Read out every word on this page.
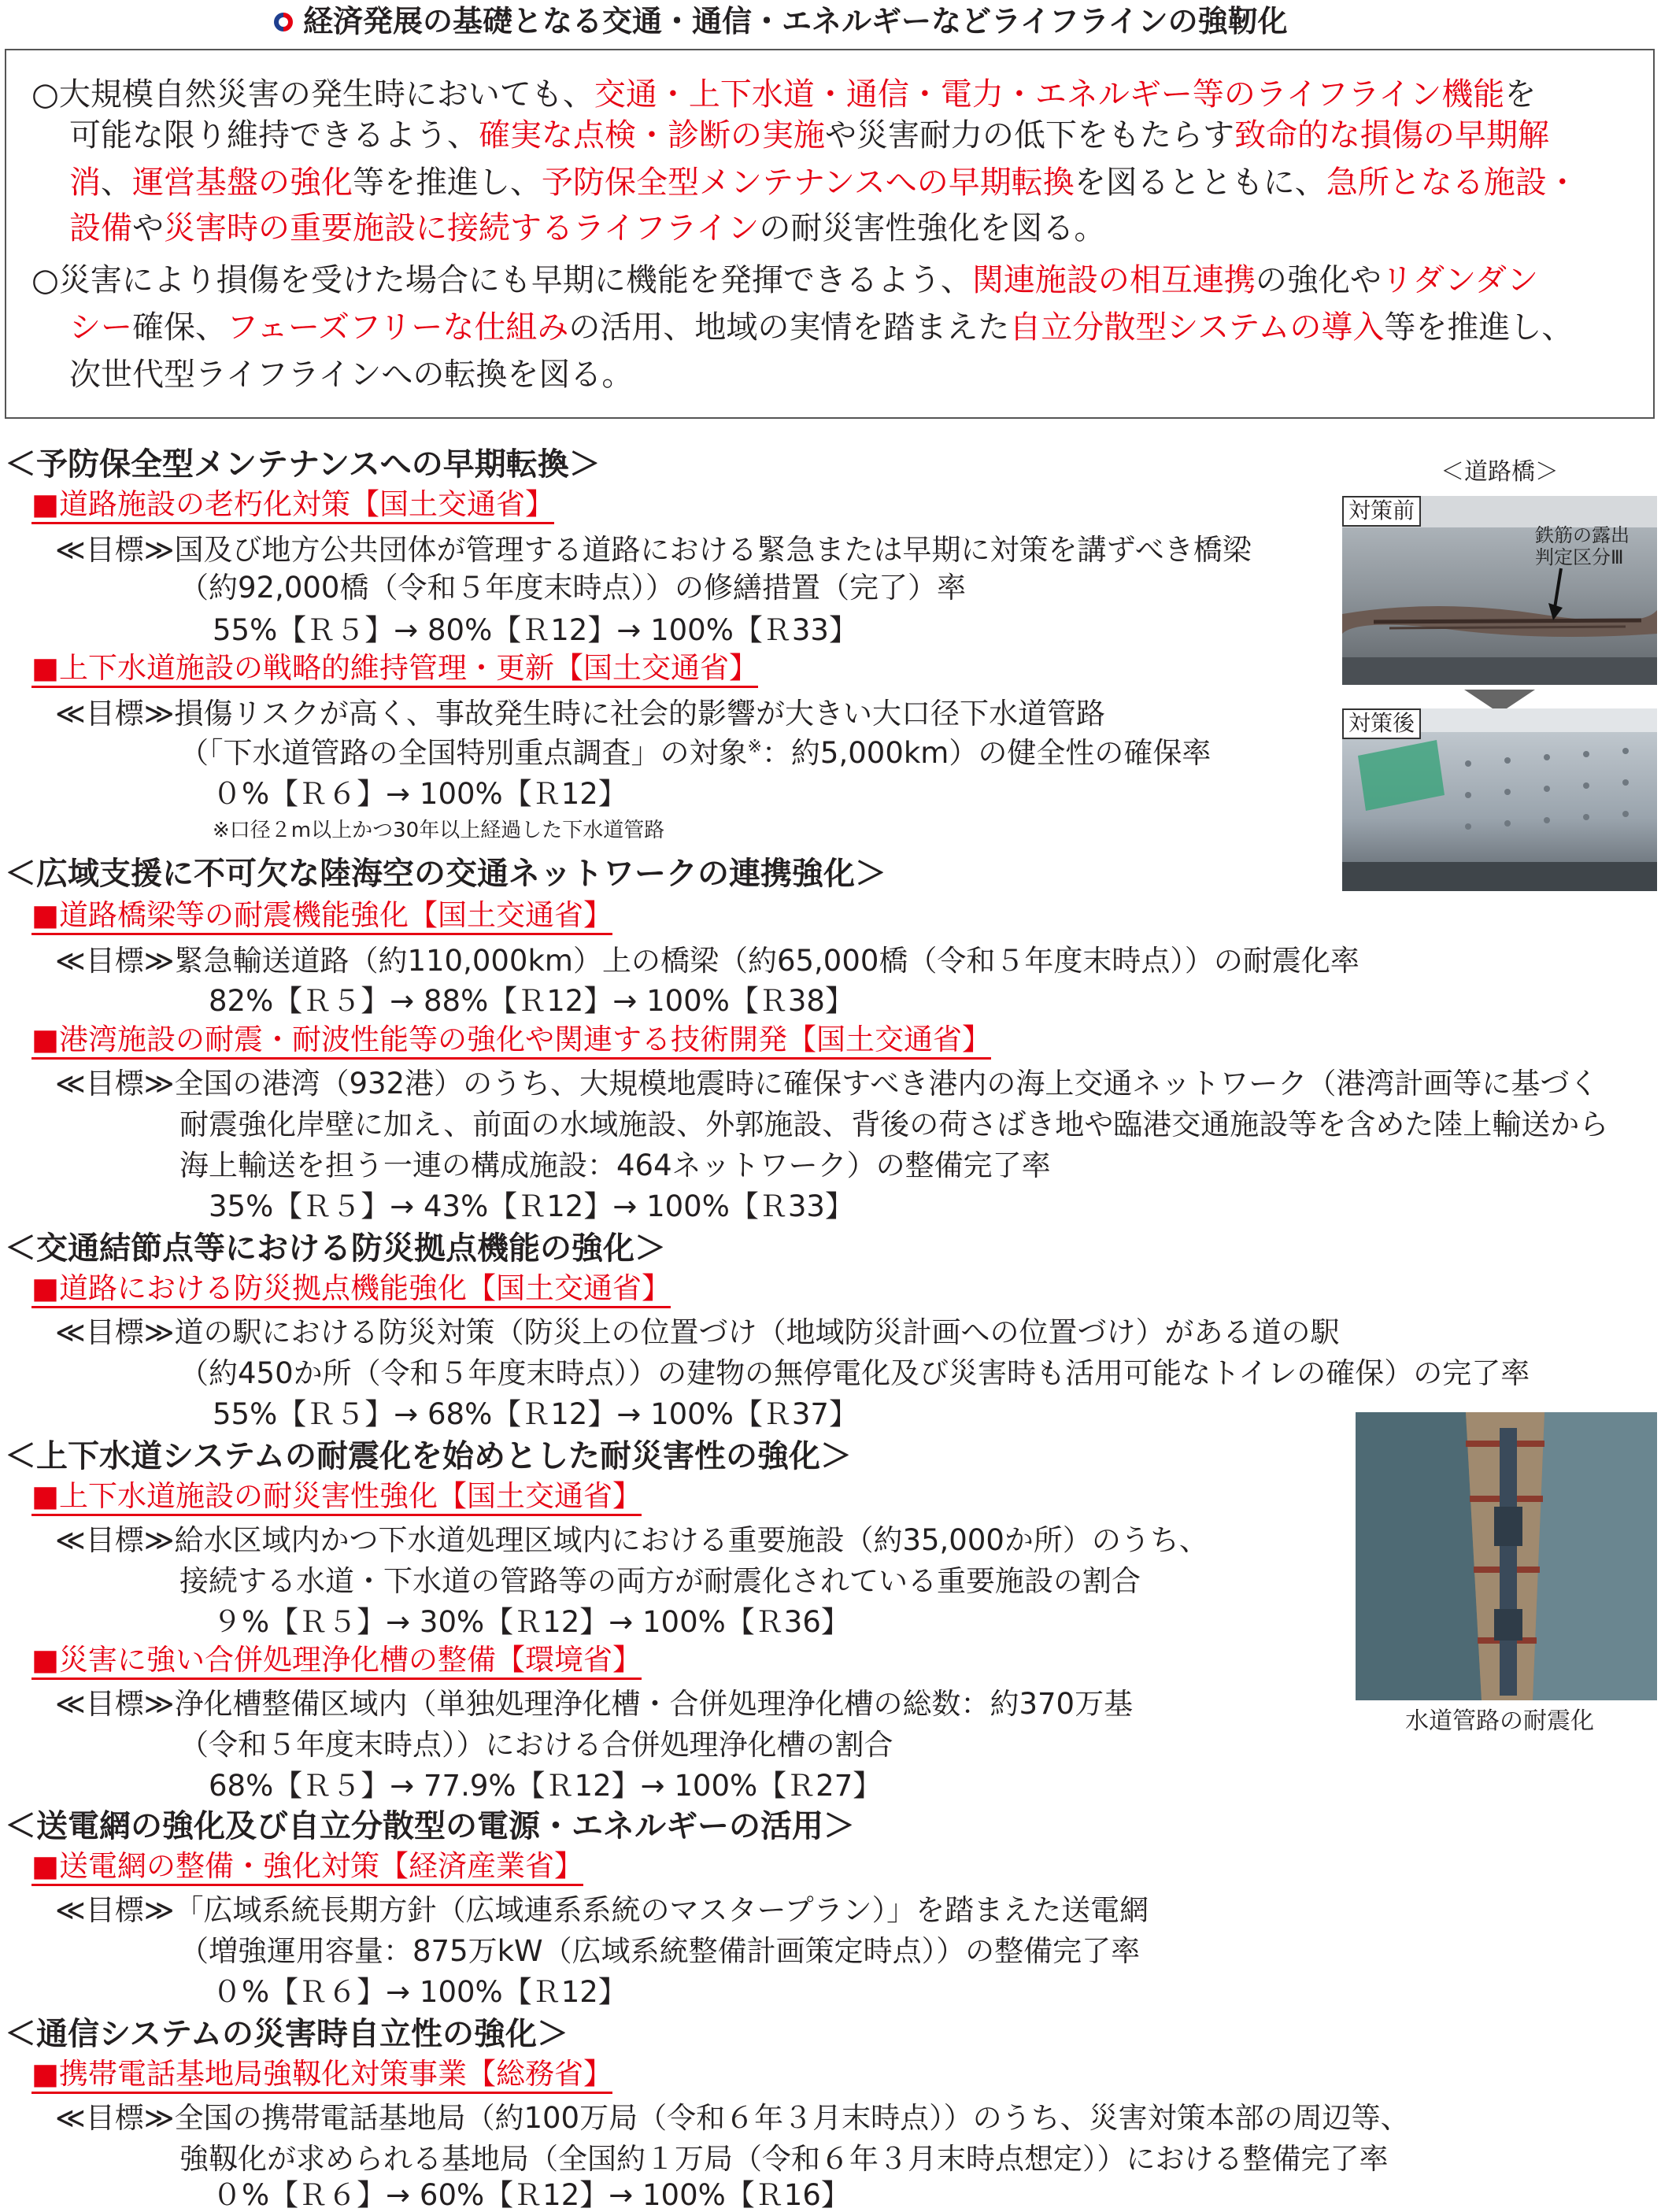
経済発展の基礎となる交通・通信・エネルギーなどライフラインの強靭化
○大規模自然災害の発生時においても、交通・上下水道・通信・電力・エネルギー等のライフライン機能を
可能な限り維持できるよう、確実な点検・診断の実施や災害耐力の低下をもたらす致命的な損傷の早期解
消、運営基盤の強化等を推進し、予防保全型メンテナンスへの早期転換を図るとともに、急所となる施設・
設備や災害時の重要施設に接続するライフラインの耐災害性強化を図る。
○災害により損傷を受けた場合にも早期に機能を発揮できるよう、関連施設の相互連携の強化やリダンダン
シー確保、フェーズフリーな仕組みの活用、地域の実情を踏まえた自立分散型システムの導入等を推進し、
次世代型ライフラインへの転換を図る。
＜予防保全型メンテナンスへの早期転換＞
■道路施設の老朽化対策【国土交通省】
≪目標≫国及び地方公共団体が管理する道路における緊急または早期に対策を講ずべき橋梁
（約92,000橋（令和５年度末時点））の修繕措置（完了）率
55%【Ｒ５】→ 80%【Ｒ12】→ 100%【Ｒ33】
■上下水道施設の戦略的維持管理・更新【国土交通省】
≪目標≫損傷リスクが高く、事故発生時に社会的影響が大きい大口径下水道管路
（「下水道管路の全国特別重点調査」の対象※：約5,000km）の健全性の確保率
０%【Ｒ６】→ 100%【Ｒ12】
※口径２m以上かつ30年以上経過した下水道管路
＜広域支援に不可欠な陸海空の交通ネットワークの連携強化＞
■道路橋梁等の耐震機能強化【国土交通省】
≪目標≫緊急輸送道路（約110,000km）上の橋梁（約65,000橋（令和５年度末時点））の耐震化率
82%【Ｒ５】→ 88%【Ｒ12】→ 100%【Ｒ38】
■港湾施設の耐震・耐波性能等の強化や関連する技術開発【国土交通省】
≪目標≫全国の港湾（932港）のうち、大規模地震時に確保すべき港内の海上交通ネットワーク（港湾計画等に基づく
耐震強化岸壁に加え、前面の水域施設、外郭施設、背後の荷さばき地や臨港交通施設等を含めた陸上輸送から
海上輸送を担う一連の構成施設：464ネットワーク）の整備完了率
35%【Ｒ５】→ 43%【Ｒ12】→ 100%【Ｒ33】
＜交通結節点等における防災拠点機能の強化＞
■道路における防災拠点機能強化【国土交通省】
≪目標≫道の駅における防災対策（防災上の位置づけ（地域防災計画への位置づけ）がある道の駅
（約450か所（令和５年度末時点））の建物の無停電化及び災害時も活用可能なトイレの確保）の完了率
55%【Ｒ５】→ 68%【Ｒ12】→ 100%【Ｒ37】
＜上下水道システムの耐震化を始めとした耐災害性の強化＞
■上下水道施設の耐災害性強化【国土交通省】
≪目標≫給水区域内かつ下水道処理区域内における重要施設（約35,000か所）のうち、
接続する水道・下水道の管路等の両方が耐震化されている重要施設の割合
９%【Ｒ５】→ 30%【Ｒ12】→ 100%【Ｒ36】
■災害に強い合併処理浄化槽の整備【環境省】
≪目標≫浄化槽整備区域内（単独処理浄化槽・合併処理浄化槽の総数：約370万基
（令和５年度末時点））における合併処理浄化槽の割合
68%【Ｒ５】→ 77.9%【Ｒ12】→ 100%【Ｒ27】
＜送電網の強化及び自立分散型の電源・エネルギーの活用＞
■送電網の整備・強化対策【経済産業省】
≪目標≫「広域系統長期方針（広域連系系統のマスタープラン）」を踏まえた送電網
（増強運用容量：875万kW（広域系統整備計画策定時点））の整備完了率
０%【Ｒ６】→ 100%【Ｒ12】
＜通信システムの災害時自立性の強化＞
■携帯電話基地局強靱化対策事業【総務省】
≪目標≫全国の携帯電話基地局（約100万局（令和６年３月末時点））のうち、災害対策本部の周辺等、
強靱化が求められる基地局（全国約１万局（令和６年３月末時点想定））における整備完了率
０%【Ｒ６】→ 60%【Ｒ12】→ 100%【Ｒ16】
＜道路橋＞
対策前
鉄筋の露出
判定区分Ⅲ
対策後
水道管路の耐震化
